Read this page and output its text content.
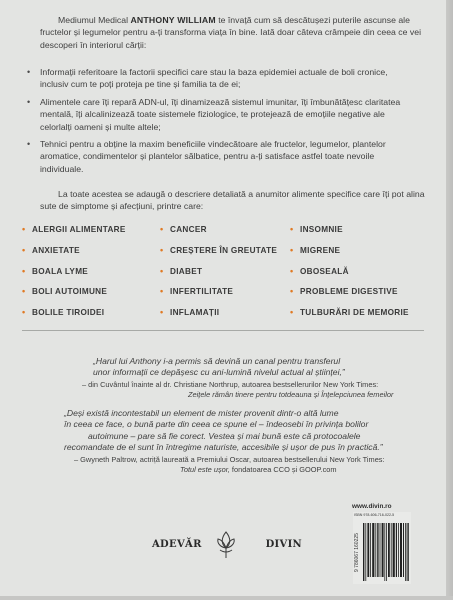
Mediumul Medical ANTHONY WILLIAM te învață cum să descătușezi puterile ascunse ale
fructelor și legumelor pentru a-ți transforma viața în bine. Iată doar câteva crâmpeie din ceea ce vei
descoperi în interiorul cărții:
• Informații referitoare la factorii specifici care stau la baza epidemiei actuale de boli cronice,
inclusiv cum te poți proteja pe tine și familia ta de ei;
• Alimentele care îți repară ADN-ul, îți dinamizează sistemul imunitar, îți îmbunătățesc claritatea
mentală, îți alcalinizează toate sistemele fiziologice, te protejează de emoțiile negative ale
celorlalți oameni și multe altele;
• Tehnici pentru a obține la maxim beneficiile vindecătoare ale fructelor, legumelor, plantelor
aromatice, condimentelor și plantelor sălbatice, pentru a-ți satisface astfel toate nevoile
individuale.
La toate acestea se adaugă o descriere detaliată a anumitor alimente specifice care îți pot alina
sute de simptome și afecțiuni, printre care:
• ALERGII ALIMENTARE
• ANXIETATE
• BOALA LYME
• BOLI AUTOIMUNE
• BOLILE TIROIDEI
• CANCER
• CREȘTERE ÎN GREUTATE
• DIABET
• INFERTILITATE
• INFLAMAȚII
• INSOMNIE
• MIGRENE
• OBOSEALĂ
• PROBLEME DIGESTIVE
• TULBURĂRI DE MEMORIE
„Harul lui Anthony i-a permis să devină un canal pentru transferul
unor informații ce depășesc cu ani-lumină nivelul actual al științei,”
– din Cuvântul înainte al dr. Christiane Northrup, autoarea bestsellerurilor New York Times:
Zeițele rămân tinere pentru totdeauna și Înțelepciunea femeilor
„Deși există incontestabil un element de mister provenit dintr-o altă lume
în ceea ce face, o bună parte din ceea ce spune el – îndeosebi în privința bolilor
autoimune – pare să fie corect. Vestea și mai bună este că protocoalele
recomandate de el sunt în întregime naturiste, accesibile și ușor de pus în practică.”
– Gwyneth Paltrow, actriță laureată a Premiului Oscar, autoarea bestsellerului New York Times:
Totul este ușor, fondatoarea CCO și GOOP.com
www.divin.ro
ISBN 978-606-716-022-5
9 786067 160225
ADEVĂR	DIVIN
